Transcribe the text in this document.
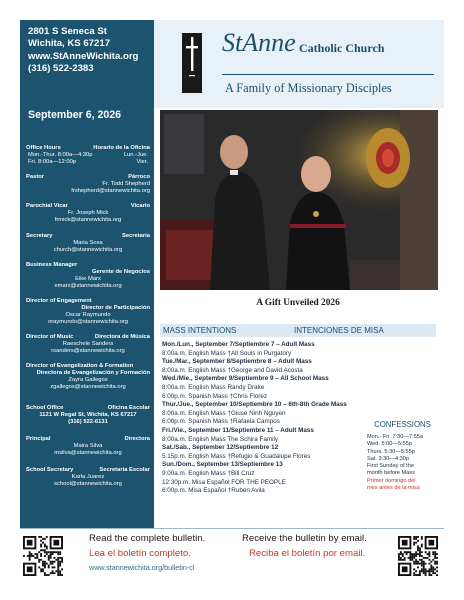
2801 S Seneca St
Wichita, KS 67217
www.StAnneWichita.org
(316) 522-2383
September 6, 2026
Office Hours	Horario de la Oficina
Mon.-Thur. 8:00a—4:30p	Lun.-Jue.
Fri. 8:00a—12:00p	Vier.
Pastor	Párroco
Fr. Todd Shepherd
frshepherd@stannewichita.org
Parochial Vicar	Vicario
Fr. Joseph Mick
frmick@stannewichita.org
Secretary	Secretaria
Maria Sosa
church@stannewichita.org
Business Manager
Gerente de Negocios
Eike Marx
emarx@stannewichita.org
Director of Engagement
Director de Participación
Oscar Raymundo
oraymundo@stannewichita.org
Director of Music	Directora de Música
Raeschele Sanders
rsanders@stannewichita.org
Director of Evangelization & Formation
Directora de Evangelización y Formación
Zayra Gallegos
zgallegos@stannewichita.org
School Office	Oficina Escolar
1121 W Regal St, Wichita, KS 67217
(316) 522-6131
Principal	Directora
Maira Silva
msilva@stannewichita.org
School Secretary	Secretaria Escolar
Karla Juarez
school@stannewichita.org
StAnne Catholic Church
A Family of Missionary Disciples
A Gift Unveiled 2026
MASS INTENTIONS	INTENCIONES DE MISA
Mon./Lun., September 7/Septiembre 7 – Adult Mass
8:00a.m. English Mass †All Souls in Purgatory
Tue./Mar., September 8/Septiembre 8 – Adult Mass
8:00a.m. English Mass †George and David Acosta
Wed./Mie., September 9/Septiembre 9 – All School Mass
8:00a.m. English Mass Randy Drake
6:00p.m. Spanish Mass †Chris Florez
Thur./Jue., September 10/Septiembre 10 – 6th-8th Grade Mass
8:00a.m. English Mass †Giuse Ninh Nguyen
6:00p.m. Spanish Mass †Rafaela Campos
Fri./Vie., September 11/Septiembre 11 – Adult Mass
8:00a.m. English Mass The Schira Family
Sat./Sab., September 12/Septiembre 12
5:15p.m. English Mass †Refugio & Guadalupe Flores
Sun./Dom., September 13/Septiembre 13
9:00a.m. English Mass †Bill Cruz
12:30p.m. Misa Español FOR THE PEOPLE
6:00p.m. Misa Español †Ruben Avila
CONFESSIONS
Mon.- Fri. 7:30—7:55a
Wed. 5:00—5:55p
Thurs. 5:30—5:55p
Sat. 3:30—4:30p
First Sunday of the
month before Mass
Primer domingo del
mes antes de la misa
Read the complete bulletin.
Lea el boletín completo.
www.stannewichita.org/bulletin-cl
Receive the bulletin by email.
Reciba el boletín por email.
